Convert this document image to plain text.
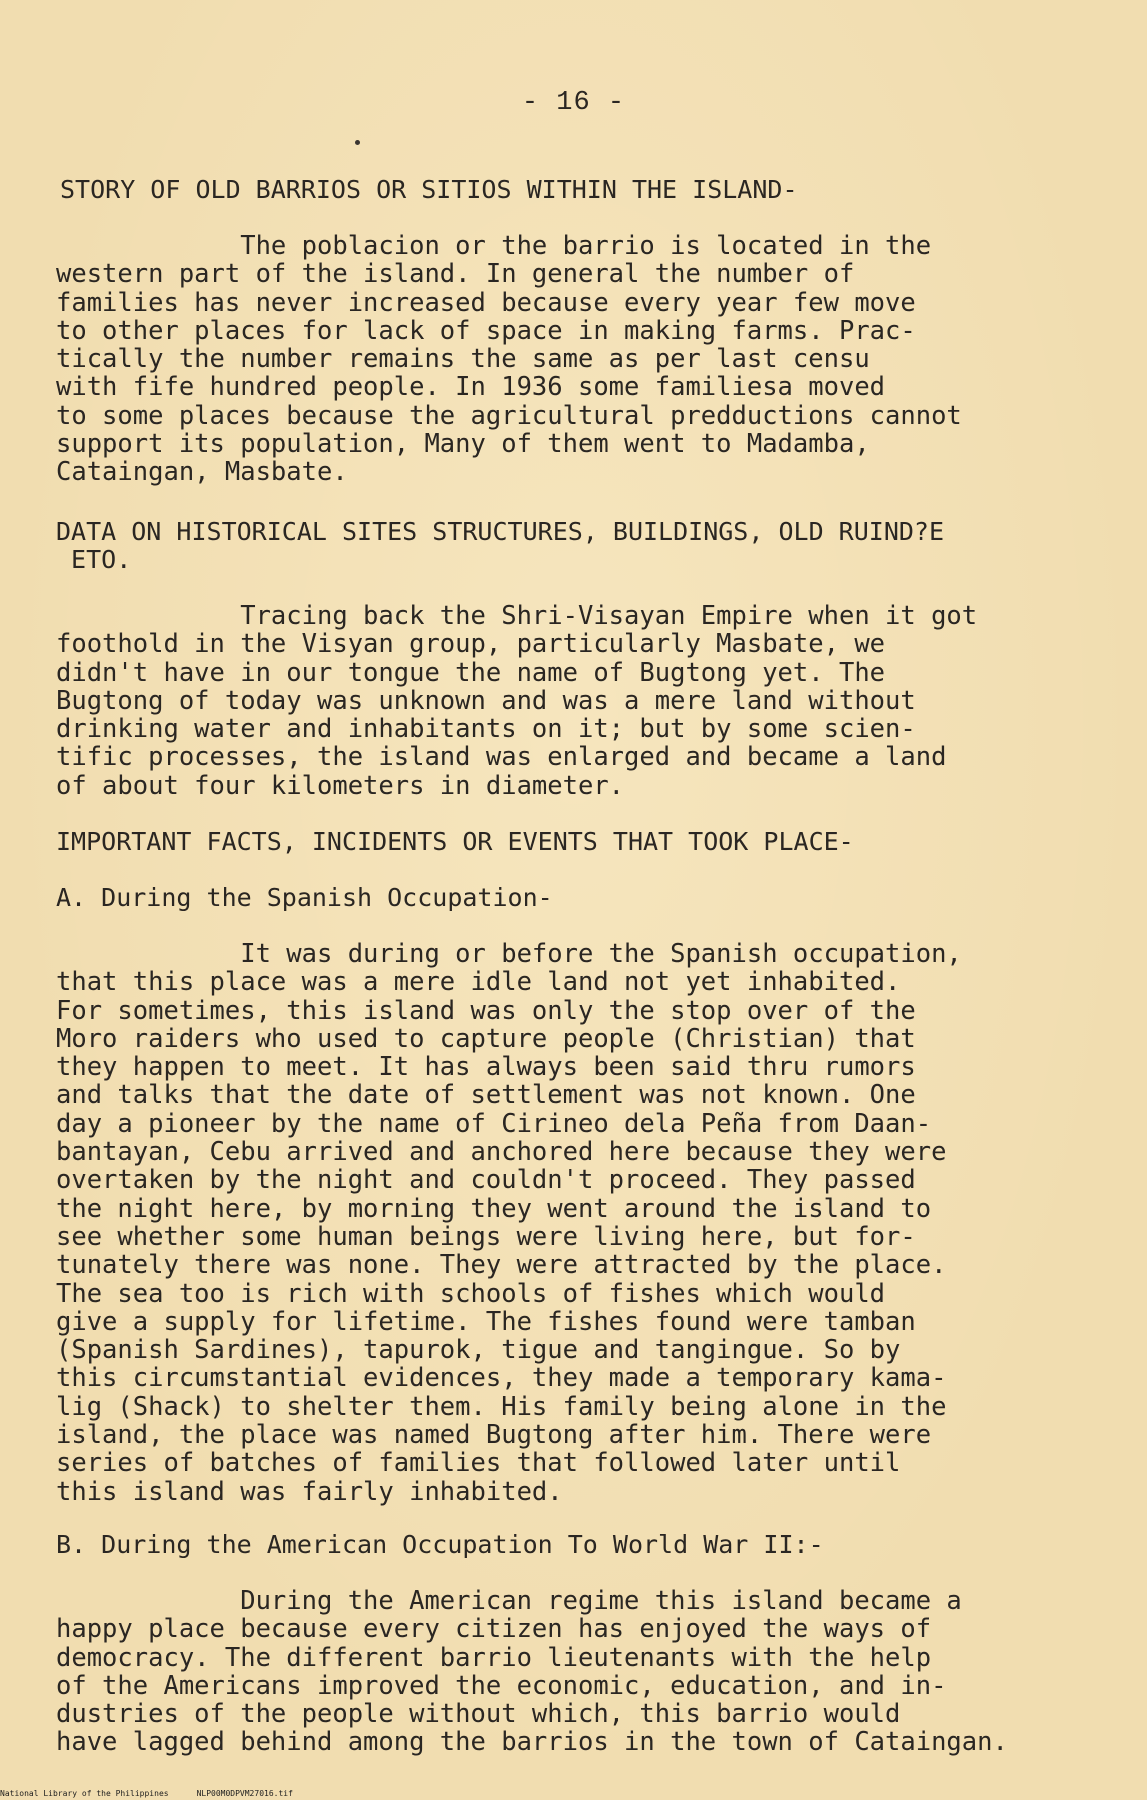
- 16 -
STORY OF OLD BARRIOS OR SITIOS WITHIN THE ISLAND-
The poblacion or the barrio is located in the
western part of the island. In general the number of
families has never increased because every year few move
to other places for lack of space in making farms. Prac-
tically the number remains the same as per last censu
with fife hundred people. In 1936 some familiesa moved
to some places because the agricultural predductions cannot
support its population, Many of them went to Madamba,
Cataingan, Masbate.
DATA ON HISTORICAL SITES STRUCTURES, BUILDINGS, OLD RUIND?E
ETO.
Tracing back the Shri-Visayan Empire when it got
foothold in the Visyan group, particularly Masbate, we
didn't have in our tongue the name of Bugtong yet. The
Bugtong of today was unknown and was a mere land without
drinking water and inhabitants on it; but by some scien-
tific processes, the island was enlarged and became a land
of about four kilometers in diameter.
IMPORTANT FACTS, INCIDENTS OR EVENTS THAT TOOK PLACE-
A. During the Spanish Occupation-
It was during or before the Spanish occupation,
that this place was a mere idle land not yet inhabited.
For sometimes, this island was only the stop over of the
Moro raiders who used to capture people (Christian) that
they happen to meet. It has always been said thru rumors
and talks that the date of settlement was not known. One
day a pioneer by the name of Cirineo dela Peña from Daan-
bantayan, Cebu arrived and anchored here because they were
overtaken by the night and couldn't proceed. They passed
the night here, by morning they went around the island to
see whether some human beings were living here, but for-
tunately there was none. They were attracted by the place.
The sea too is rich with schools of fishes which would
give a supply for lifetime. The fishes found were tamban
(Spanish Sardines), tapurok, tigue and tangingue. So by
this circumstantial evidences, they made a temporary kama-
lig (Shack) to shelter them. His family being alone in the
island, the place was named Bugtong after him. There were
series of batches of families that followed later until
this island was fairly inhabited.
B. During the American Occupation To World War II:-
During the American regime this island became a
happy place because every citizen has enjoyed the ways of
democracy. The different barrio lieutenants with the help
of the Americans improved the economic, education, and in-
dustries of the people without which, this barrio would
have lagged behind among the barrios in the town of Cataingan.
National Library of the Philippines	NLP00M0DPVM27016.tif
